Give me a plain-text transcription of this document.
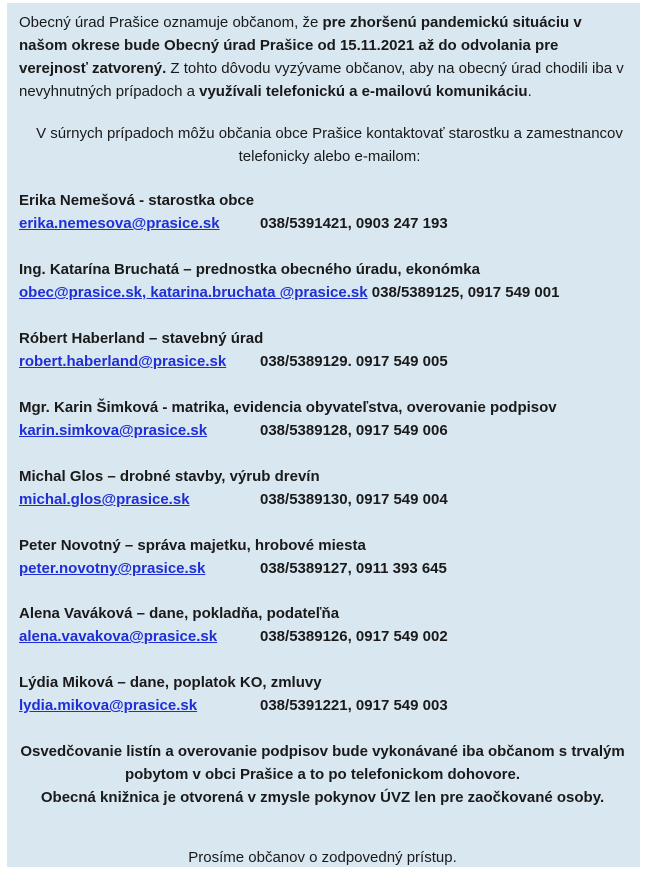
Obecný úrad Prašice oznamuje občanom, že pre zhoršenú pandemickú situáciu v našom okrese bude Obecný úrad Prašice od 15.11.2021 až do odvolania pre verejnosť zatvorený. Z tohto dôvodu vyzývame občanov, aby na obecný úrad chodili iba v nevyhnutných prípadoch a využívali telefonickú a e-mailovú komunikáciu.
V súrnych prípadoch môžu občania obce Prašice kontaktovať starostku a zamestnancov
telefonicky alebo e-mailom:
Erika Nemešová - starostka obce
erika.nemesova@prasice.sk	038/5391421, 0903 247 193
Ing. Katarína Bruchatá – prednostka obecného úradu, ekonómka
obec@prasice.sk, katarina.bruchata @prasice.sk 038/5389125, 0917 549 001
Róbert Haberland – stavebný úrad
robert.haberland@prasice.sk 038/5389129. 0917 549 005
Mgr. Karin Šimková - matrika, evidencia obyvateľstva, overovanie podpisov
karin.simkova@prasice.sk	038/5389128, 0917 549 006
Michal Glos – drobné stavby, výrub drevín
michal.glos@prasice.sk	038/5389130, 0917 549 004
Peter Novotný – správa majetku, hrobové miesta
peter.novotny@prasice.sk	038/5389127, 0911 393 645
Alena Vaváková – dane, pokladňa, podateľňa
alena.vavakova@prasice.sk	038/5389126, 0917 549 002
Lýdia Miková – dane, poplatok KO, zmluvy
lydia.mikova@prasice.sk	038/5391221, 0917 549 003
Osvedčovanie listín a overovanie podpisov bude vykonávané iba občanom s trvalým
pobytom v obci Prašice a to po telefonickom dohovore.
Obecná knižnica je otvorená v zmysle pokynov ÚVZ len pre zaočkované osoby.
Prosíme občanov o zodpovedný prístup.
